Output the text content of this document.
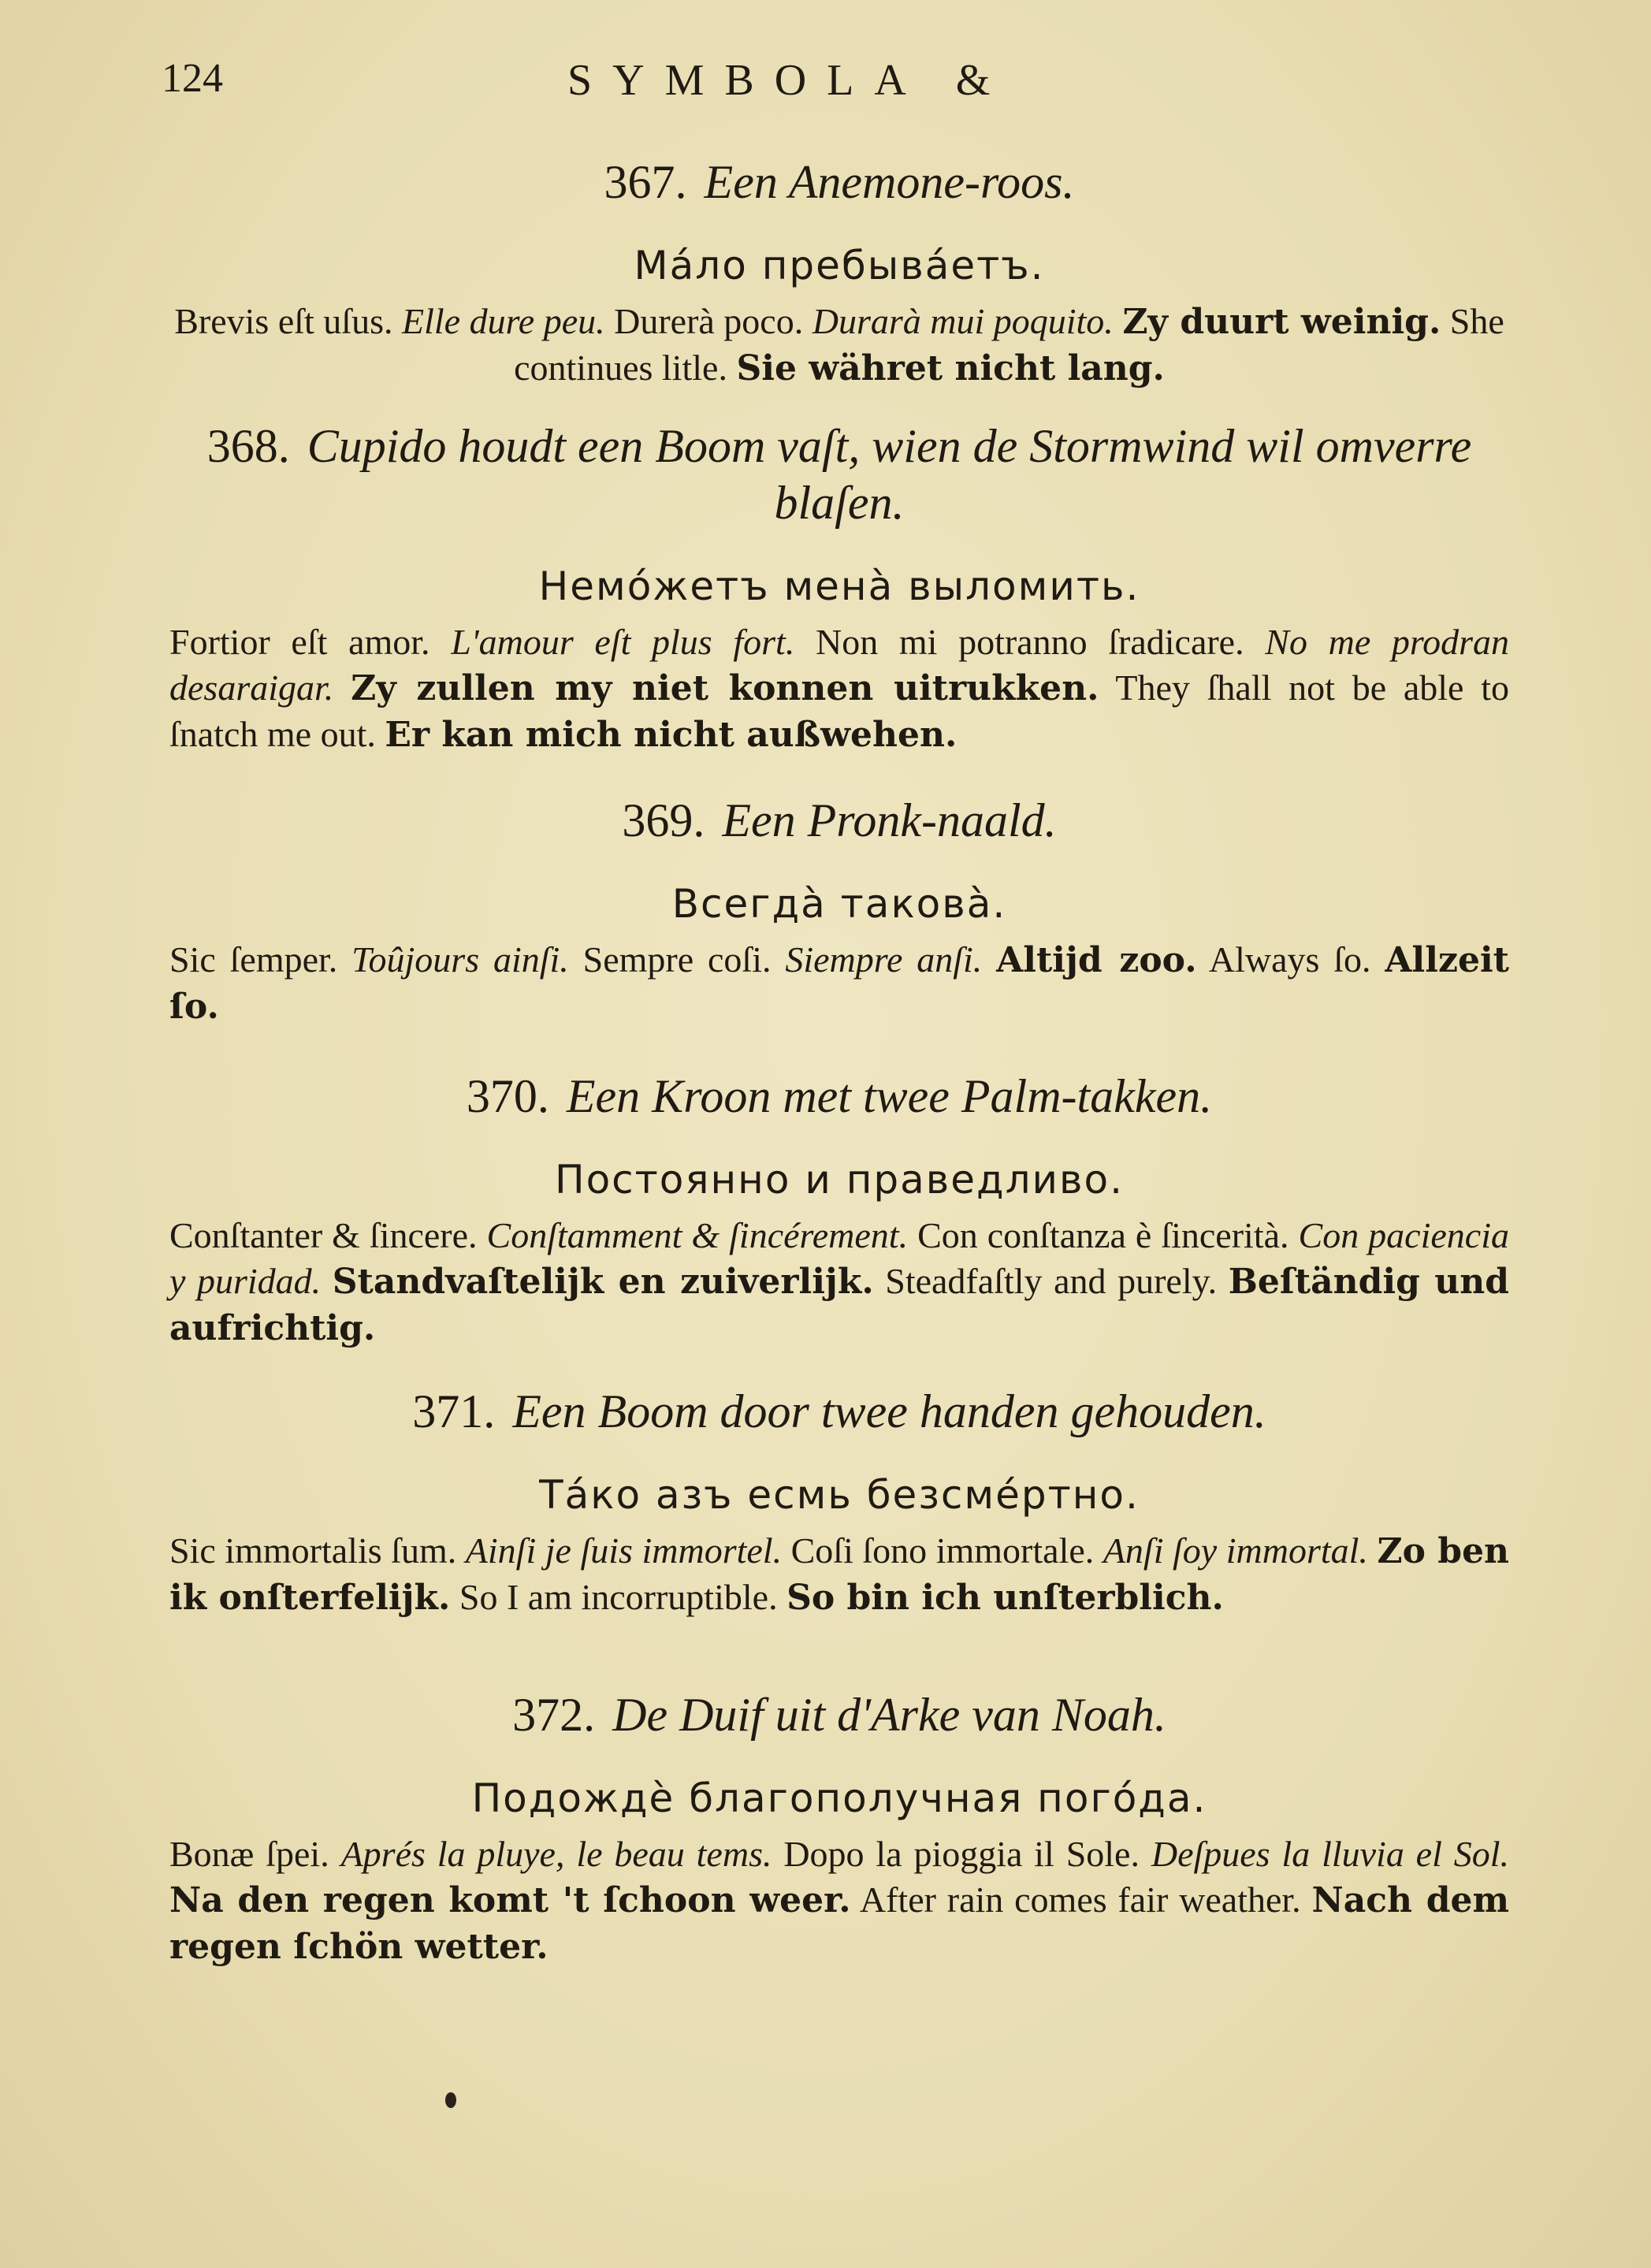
124	SYMBOLA &

367. Een Anemone-roos.

Мáло пребывáетъ.
Brevis eſt uſus. Elle dure peu. Durerà poco. Durarà mui poquito. Zy duurt weinig. She continues litle. Sie währet nicht lang.

368. Cupido houdt een Boom vaſt, wien de Stormwind wil omverre blaſen.

Немóжетъ менà выломить.
Fortior eſt amor. L'amour eſt plus fort. Non mi potranno ſradicare. No me prodran desaraigar. Zy zullen my niet konnen uitrukken. They ſhall not be able to ſnatch me out. Er kan mich nicht außwehen.

369. Een Pronk-naald.

Всегдà таковà.
Sic ſemper. Toûjours ainſi. Sempre coſi. Siempre anſi. Altijd zoo. Always ſo. Allzeit ſo.

370. Een Kroon met twee Palm-takken.

Постоянно и праведливо.
Conſtanter & ſincere. Conſtamment & ſincérement. Con conſtanza è ſincerità. Con paciencia y puridad. Standvaſtelijk en zuiverlijk. Steadfaſtly and purely. Beſtändig und aufrichtig.

371. Een Boom door twee handen gehouden.

Тáко азъ есмь безсмéртно.
Sic immortalis ſum. Ainſi je ſuis immortel. Coſi ſono immortale. Anſi ſoy immortal. Zo ben ik onſterfelijk. So I am incorruptible. So bin ich unſterblich.

372. De Duif uit d'Arke van Noah.

Подождѐ благополучная погóда.
Bonæ ſpei. Aprés la pluye, le beau tems. Dopo la pioggia il Sole. Deſpues la lluvia el Sol. Na den regen komt 't ſchoon weer. After rain comes fair weather. Nach dem regen ſchön wetter.
